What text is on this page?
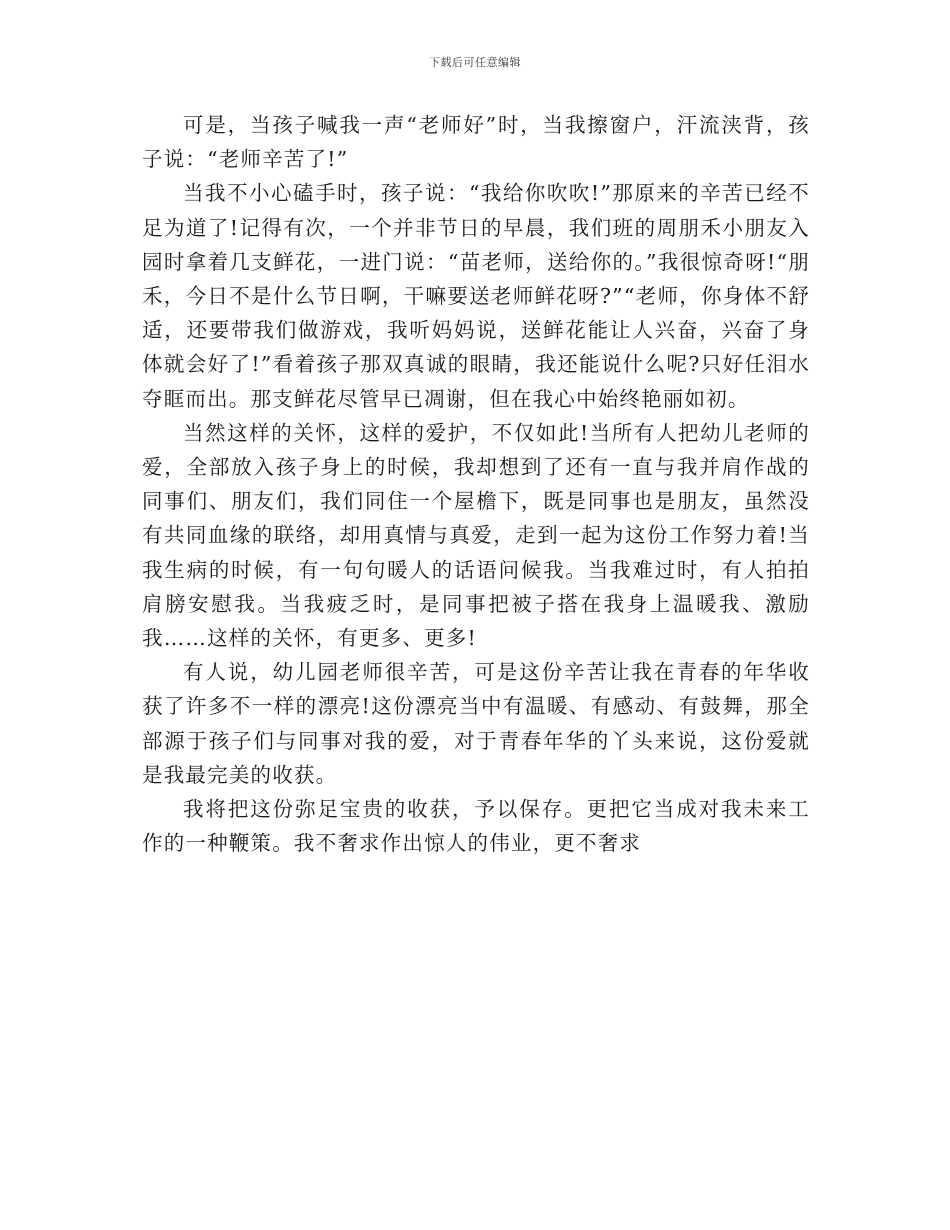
下载后可任意编辑

可是，当孩子喊我一声“老师好”时，当我擦窗户，汗流浃背，孩子说：“老师辛苦了!”

当我不小心磕手时，孩子说：“我给你吹吹!”那原来的辛苦已经不足为道了!记得有次，一个并非节日的早晨，我们班的周朋禾小朋友入园时拿着几支鲜花，一进门说：“苗老师，送给你的。”我很惊奇呀!“朋禾，今日不是什么节日啊，干嘛要送老师鲜花呀?”“老师，你身体不舒适，还要带我们做游戏，我听妈妈说，送鲜花能让人兴奋，兴奋了身体就会好了!”看着孩子那双真诚的眼睛，我还能说什么呢?只好任泪水夺眶而出。那支鲜花尽管早已凋谢，但在我心中始终艳丽如初。

当然这样的关怀，这样的爱护，不仅如此!当所有人把幼儿老师的爱，全部放入孩子身上的时候，我却想到了还有一直与我并肩作战的同事们、朋友们，我们同住一个屋檐下，既是同事也是朋友，虽然没有共同血缘的联络，却用真情与真爱，走到一起为这份工作努力着!当我生病的时候，有一句句暖人的话语问候我。当我难过时，有人拍拍肩膀安慰我。当我疲乏时，是同事把被子搭在我身上温暖我、激励我……这样的关怀，有更多、更多!

有人说，幼儿园老师很辛苦，可是这份辛苦让我在青春的年华收获了许多不一样的漂亮!这份漂亮当中有温暖、有感动、有鼓舞，那全部源于孩子们与同事对我的爱，对于青春年华的丫头来说，这份爱就是我最完美的收获。

我将把这份弥足宝贵的收获，予以保存。更把它当成对我未来工作的一种鞭策。我不奢求作出惊人的伟业，更不奢求
